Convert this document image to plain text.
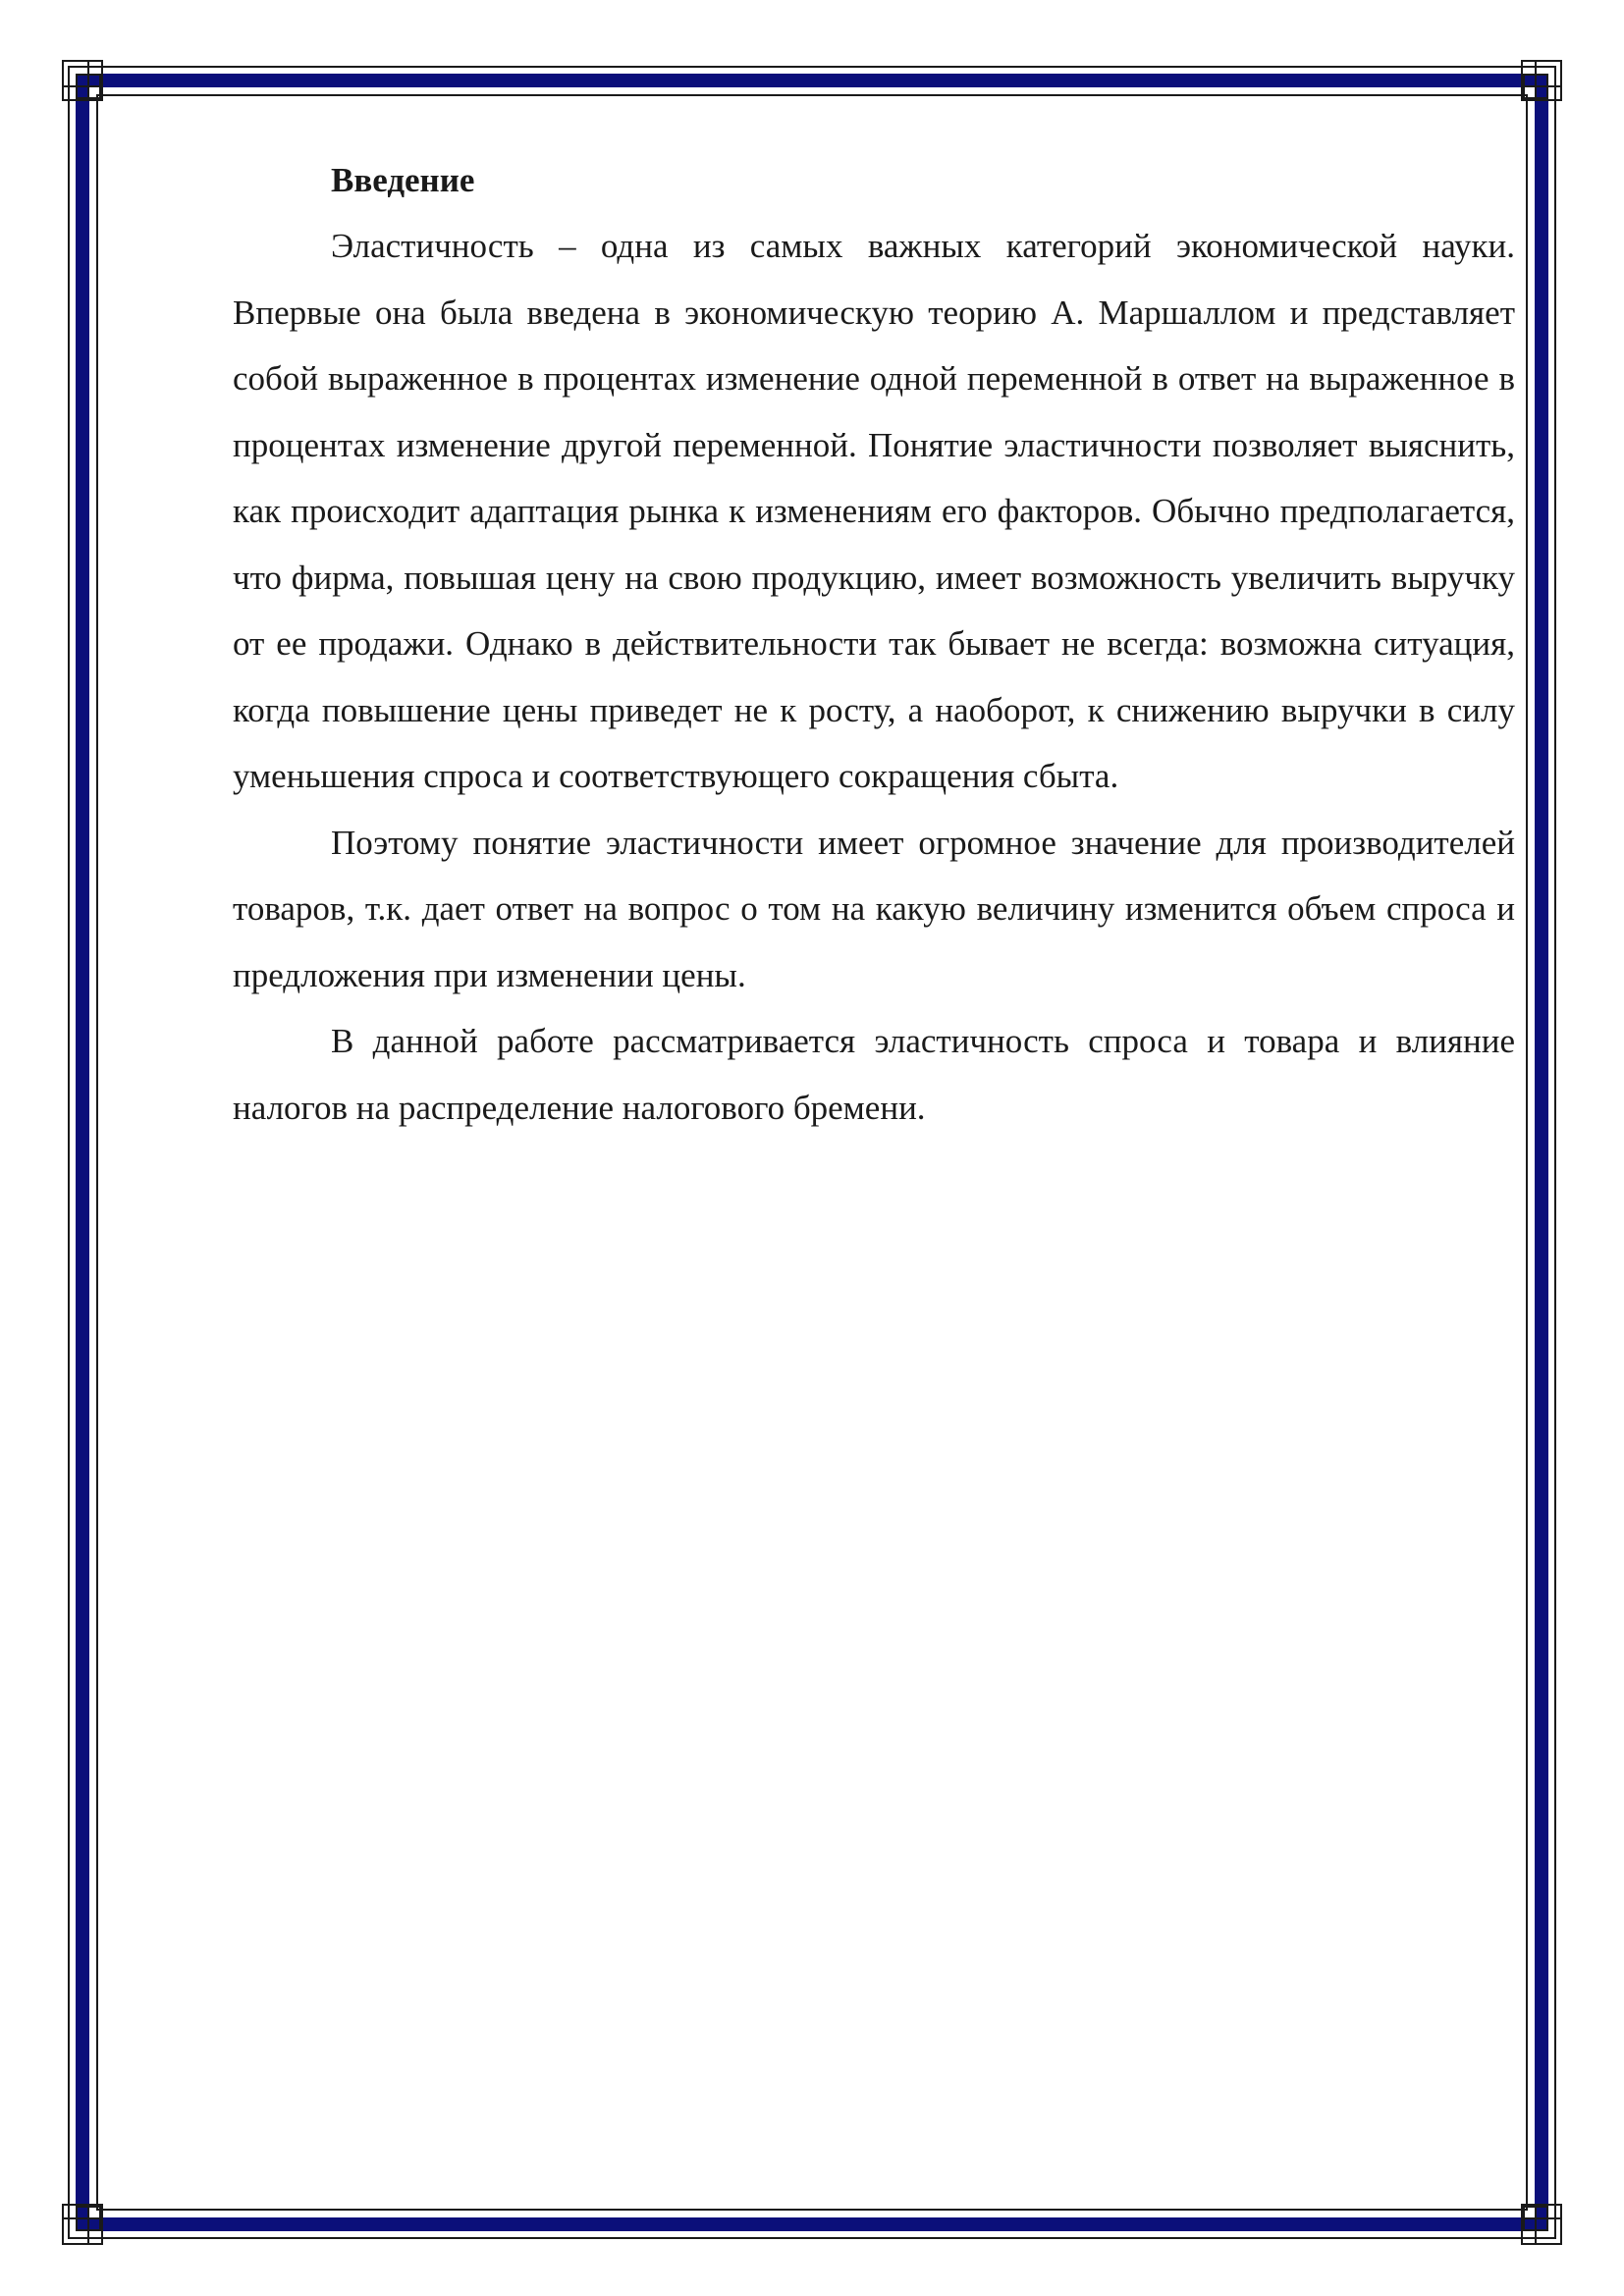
Введение

Эластичность – одна из самых важных категорий экономической науки. Впервые она была введена в экономическую теорию А. Маршаллом и представляет собой выраженное в процентах изменение одной переменной в ответ на выраженное в процентах изменение другой переменной. Понятие эластичности позволяет выяснить, как происходит адаптация рынка к изменениям его факторов. Обычно предполагается, что фирма, повышая цену на свою продукцию, имеет возможность увеличить выручку от ее продажи. Однако в действительности так бывает не всегда: возможна ситуация, когда повышение цены приведет не к росту, а наоборот, к снижению выручки в силу уменьшения спроса и соответствующего сокращения сбыта.

Поэтому понятие эластичности имеет огромное значение для производителей товаров, т.к. дает ответ на вопрос о том на какую величину изменится объем спроса и предложения при изменении цены.

В данной работе рассматривается эластичность спроса и товара и влияние налогов на распределение налогового бремени.
